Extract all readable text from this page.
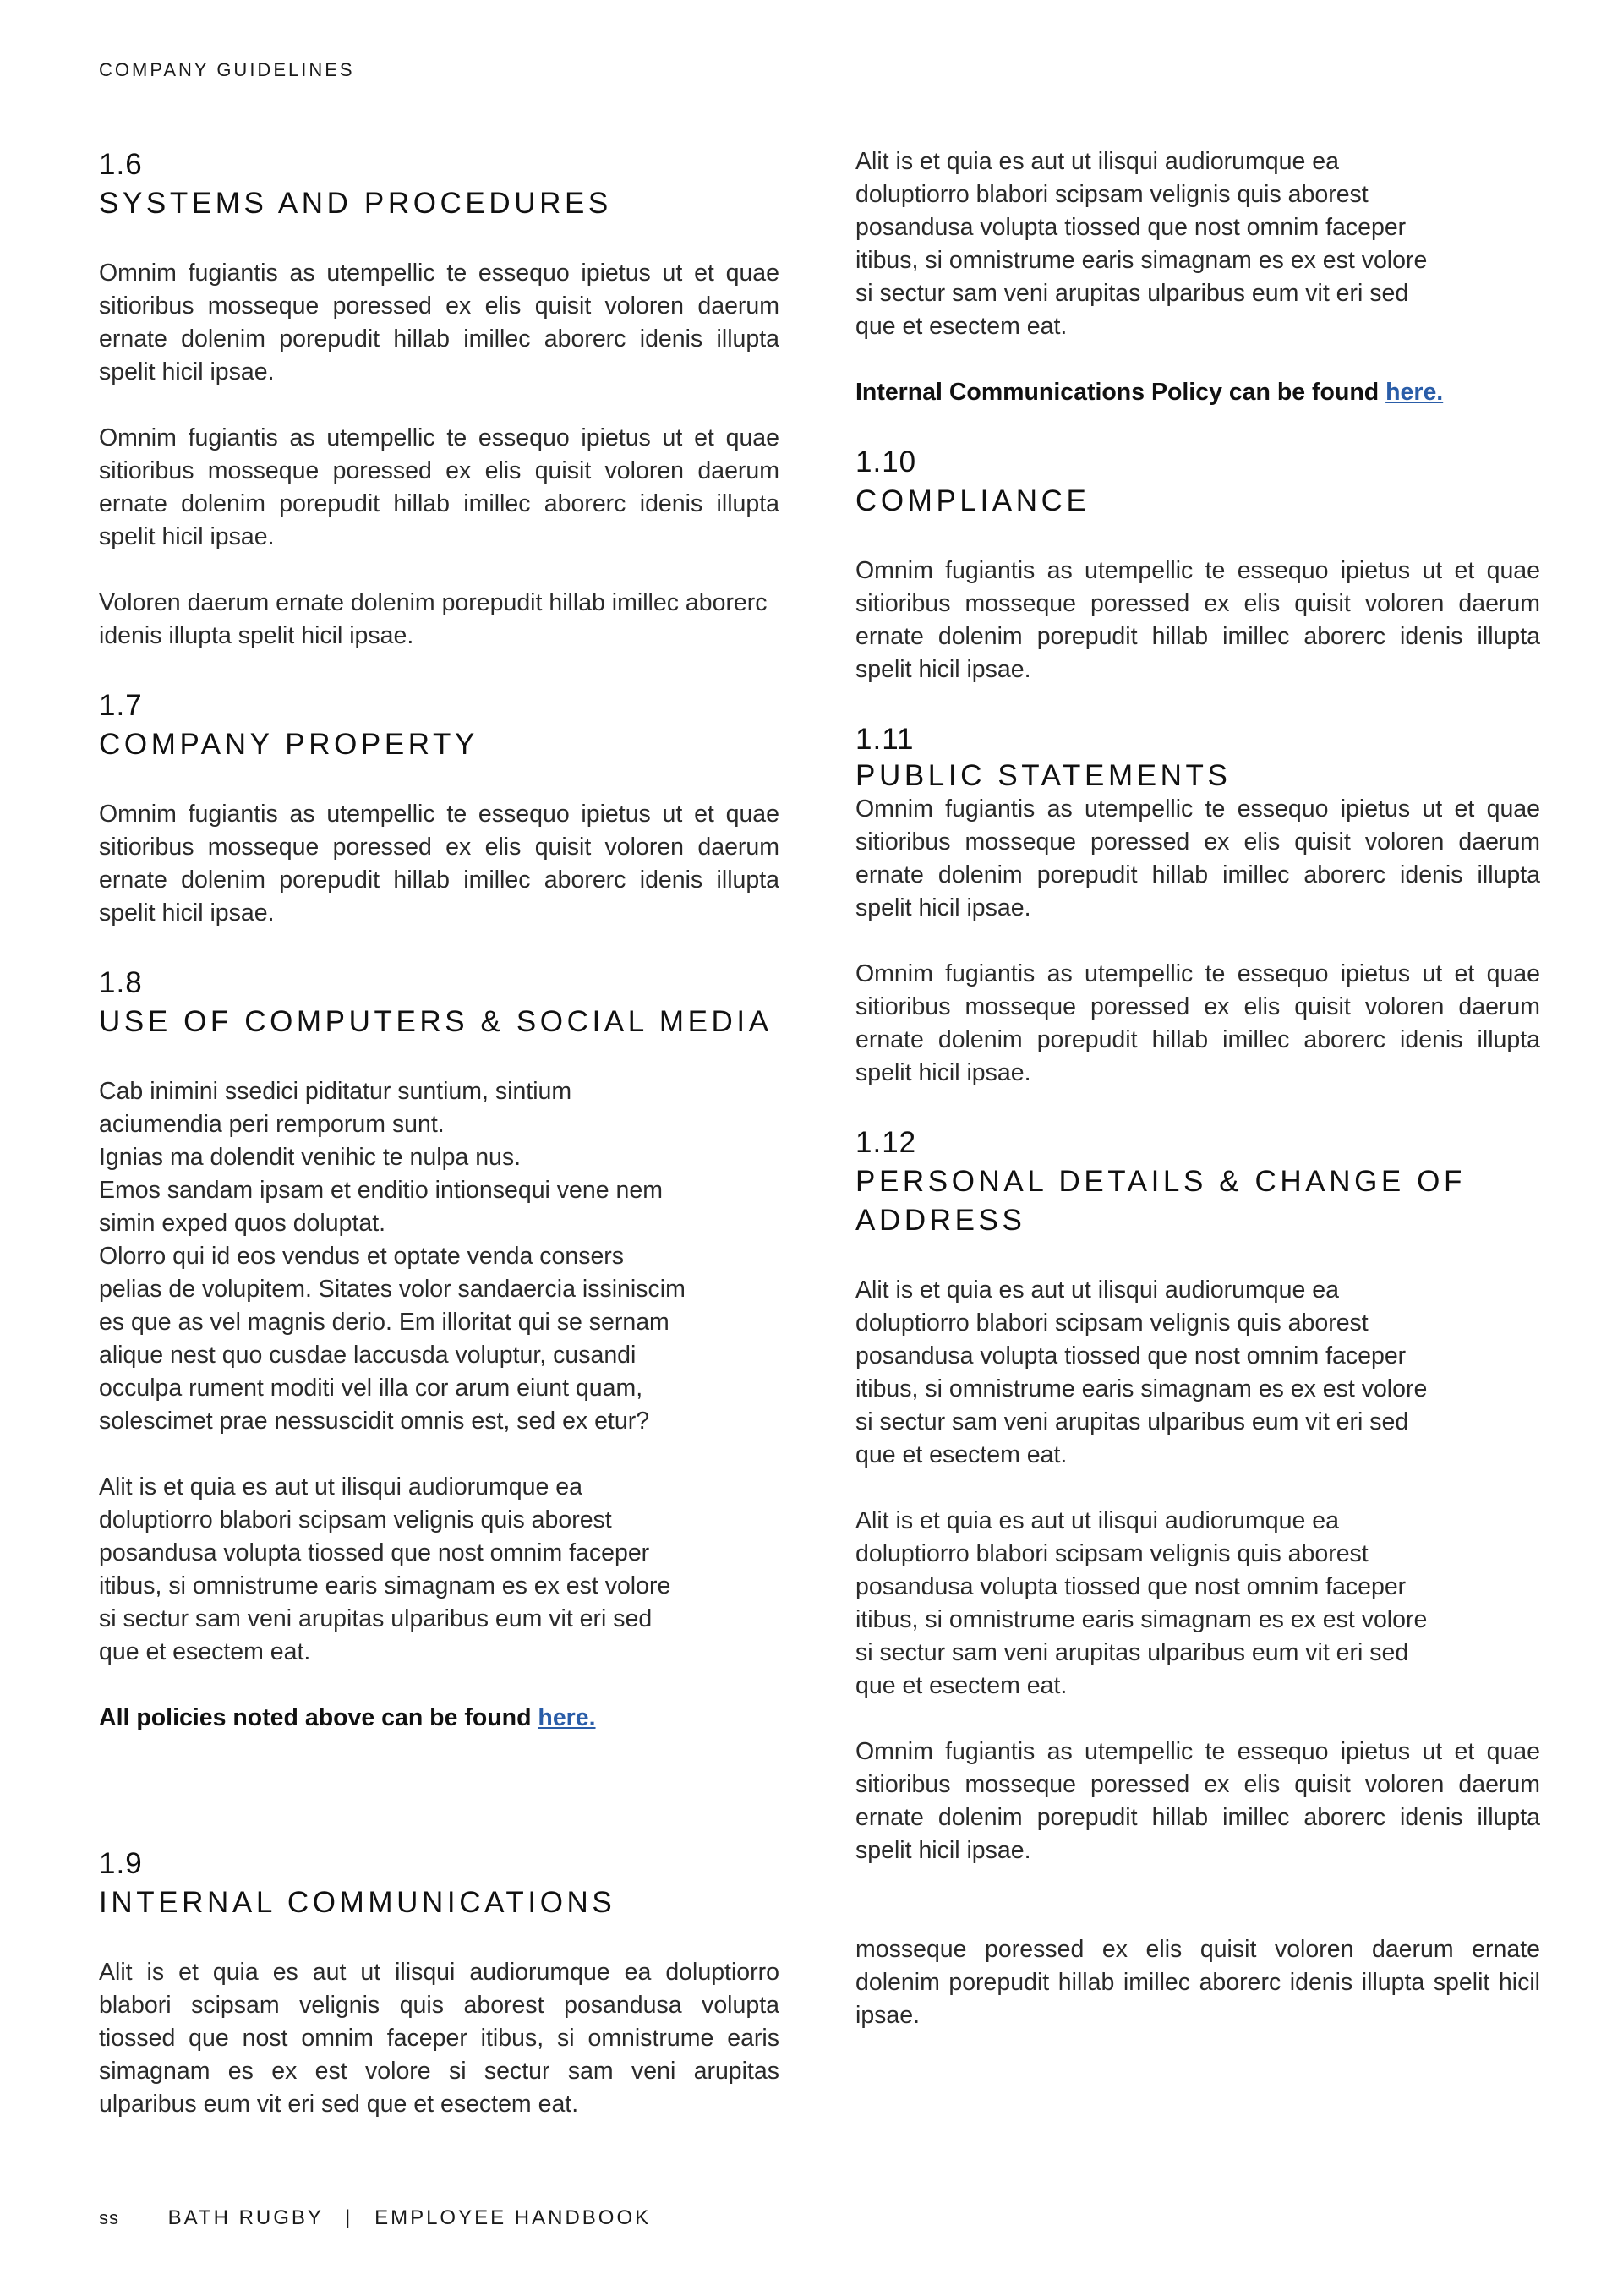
COMPANY GUIDELINES

1.6

SYSTEMS AND PROCEDURES

Omnim fugiantis as utempellic te essequo ipietus ut et quae sitioribus mosseque poressed ex elis quisit voloren daerum ernate dolenim porepudit hillab imillec aborerc idenis illupta spelit hicil ipsae.

Omnim fugiantis as utempellic te essequo ipietus ut et quae sitioribus mosseque poressed ex elis quisit voloren daerum ernate dolenim porepudit hillab imillec aborerc idenis illupta spelit hicil ipsae.

Voloren daerum ernate dolenim porepudit hillab imillec aborerc idenis illupta spelit hicil ipsae.

1.7

COMPANY PROPERTY

Omnim fugiantis as utempellic te essequo ipietus ut et quae sitioribus mosseque poressed ex elis quisit voloren daerum ernate dolenim porepudit hillab imillec aborerc idenis illupta spelit hicil ipsae.

1.8

USE OF COMPUTERS & SOCIAL MEDIA

Cab inimini ssedici piditatur suntium, sintium

aciumendia peri remporum sunt.

Ignias ma dolendit venihic te nulpa nus.

Emos sandam ipsam et enditio intionsequi vene nem

simin exped quos doluptat.

Olorro qui id eos vendus et optate venda consers

pelias de volupitem. Sitates volor sandaercia issiniscim

es que as vel magnis derio. Em illoritat qui se sernam

alique nest quo cusdae laccusda voluptur, cusandi

occulpa rument moditi vel illa cor arum eiunt quam,

solescimet prae nessuscidit omnis est, sed ex etur?

Alit is et quia es aut ut ilisqui audiorumque ea

doluptiorro blabori scipsam velignis quis aborest

posandusa volupta tiossed que nost omnim faceper

itibus, si omnistrume earis simagnam es ex est volore

si sectur sam veni arupitas ulparibus eum vit eri sed

que et esectem eat.

All policies noted above can be found here.

1.9

INTERNAL COMMUNICATIONS

Alit is et quia es aut ut ilisqui audiorumque ea doluptiorro blabori scipsam velignis quis aborest posandusa volupta tiossed que nost omnim faceper itibus, si omnistrume earis simagnam es ex est volore si sectur sam veni arupitas ulparibus eum vit eri sed que et esectem eat.

Alit is et quia es aut ut ilisqui audiorumque ea

doluptiorro blabori scipsam velignis quis aborest

posandusa volupta tiossed que nost omnim faceper

itibus, si omnistrume earis simagnam es ex est volore

si sectur sam veni arupitas ulparibus eum vit eri sed

que et esectem eat.

Internal Communications Policy can be found here.

1.10

COMPLIANCE

Omnim fugiantis as utempellic te essequo ipietus ut et quae sitioribus mosseque poressed ex elis quisit voloren daerum ernate dolenim porepudit hillab imillec aborerc idenis illupta spelit hicil ipsae.

1.11

PUBLIC STATEMENTS

Omnim fugiantis as utempellic te essequo ipietus ut et quae sitioribus mosseque poressed ex elis quisit voloren daerum ernate dolenim porepudit hillab imillec aborerc idenis illupta spelit hicil ipsae.

Omnim fugiantis as utempellic te essequo ipietus ut et quae sitioribus mosseque poressed ex elis quisit voloren daerum ernate dolenim porepudit hillab imillec aborerc idenis illupta spelit hicil ipsae.

1.12

PERSONAL DETAILS & CHANGE OF

ADDRESS

Alit is et quia es aut ut ilisqui audiorumque ea

doluptiorro blabori scipsam velignis quis aborest

posandusa volupta tiossed que nost omnim faceper

itibus, si omnistrume earis simagnam es ex est volore

si sectur sam veni arupitas ulparibus eum vit eri sed

que et esectem eat.

Alit is et quia es aut ut ilisqui audiorumque ea

doluptiorro blabori scipsam velignis quis aborest

posandusa volupta tiossed que nost omnim faceper

itibus, si omnistrume earis simagnam es ex est volore

si sectur sam veni arupitas ulparibus eum vit eri sed

que et esectem eat.

Omnim fugiantis as utempellic te essequo ipietus ut et quae sitioribus mosseque poressed ex elis quisit voloren daerum ernate dolenim porepudit hillab imillec aborerc idenis illupta spelit hicil ipsae.

mosseque poressed ex elis quisit voloren daerum ernate dolenim porepudit hillab imillec aborerc idenis illupta spelit hicil ipsae.

ss BATH RUGBY | EMPLOYEE HANDBOOK
